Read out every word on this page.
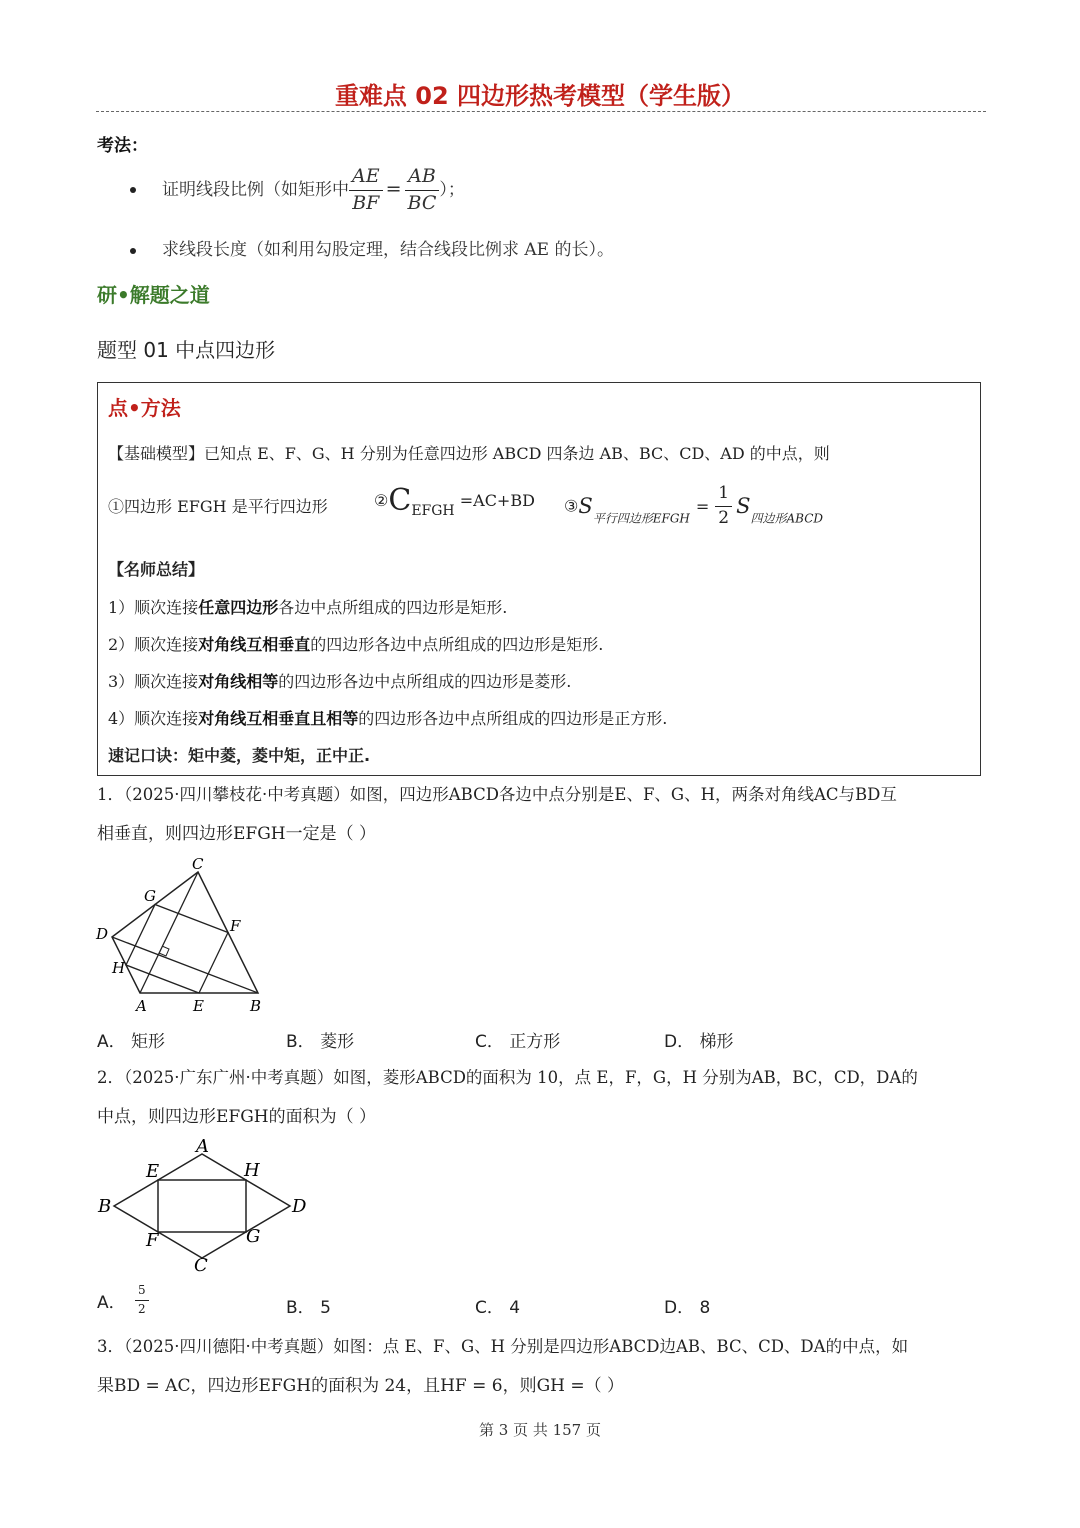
重难点 02 四边形热考模型（学生版）
考法：
证明线段比例（如矩形中 $\frac{AE}{BF} = \frac{AB}{BC}$ ）；
求线段长度（如利用勾股定理，结合线段比例求 AE 的长）。
研•解题之道
题型 01 中点四边形
点•方法
【基础模型】已知点 E、F、G、H 分别为任意四边形 ABCD 四条边 AB、BC、CD、AD 的中点，则
①四边形 EFGH 是平行四边形	②CEFGH =AC+BD $③S_{平行四边形EFGH}= \frac{1}{2} S_{四边形ABCD}$
【名师总结】
1）顺次连接任意四边形各边中点所组成的四边形是矩形.
2）顺次连接对角线互相垂直的四边形各边中点所组成的四边形是矩形.
3）顺次连接对角线相等的四边形各边中点所组成的四边形是菱形.
4）顺次连接对角线互相垂直且相等的四边形各边中点所组成的四边形是正方形.
速记口诀：矩中菱，菱中矩，正中正.
1．（2025·四川攀枝花·中考真题）如图，四边形ABCD各边中点分别是E、F、G、H，两条对角线AC与BD互
相垂直，则四边形EFGH一定是（ ）
C
G
D	F
H
A	E	B
A． 矩形	B． 菱形	C． 正方形	D． 梯形
2．（2025·广东广州·中考真题）如图，菱形ABCD的面积为 10，点 E，F，G，H 分别为AB，BC，CD，DA的
中点，则四边形EFGH的面积为（ ）
A
E	H
B	D
F	G
C
A． $\frac{5}{2}$	B． 5	C． 4	D． 8
3．（2025·四川德阳·中考真题）如图：点 E、F、G、H 分别是四边形ABCD边AB、BC、CD、DA的中点，如
果BD = AC，四边形EFGH的面积为 24，且HF = 6，则GH =（ ）
第 3 页 共 157 页
